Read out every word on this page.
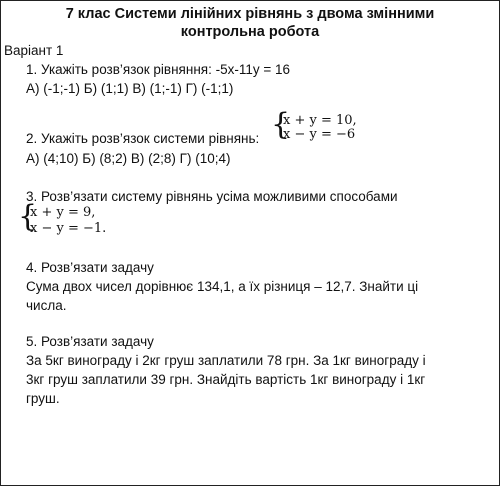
7 клас Системи лінійних рівнянь з двома змінними
контрольна робота
Варіант 1
1. Укажіть розв’язок рівняння: -5х-11у = 16
А) (-1;-1) Б) (1;1) В) (1;-1) Г) (-1;1)
2. Укажіть розв’язок системи рівнянь: {
x + y = 10,
x − y = −6
А) (4;10) Б) (8;2) В) (2;8) Г) (10;4)
3. Розв’язати систему рівнянь усіма можливими способами
{
x + y = 9,
x − y = −1.
4. Розв’язати задачу
Сума двох чисел дорівнює 134,1, а їх різниця – 12,7. Знайти ці
числа.
5. Розв’язати задачу
За 5кг винограду і 2кг груш заплатили 78 грн. За 1кг винограду і
3кг груш заплатили 39 грн. Знайдіть вартість 1кг винограду і 1кг
груш.
